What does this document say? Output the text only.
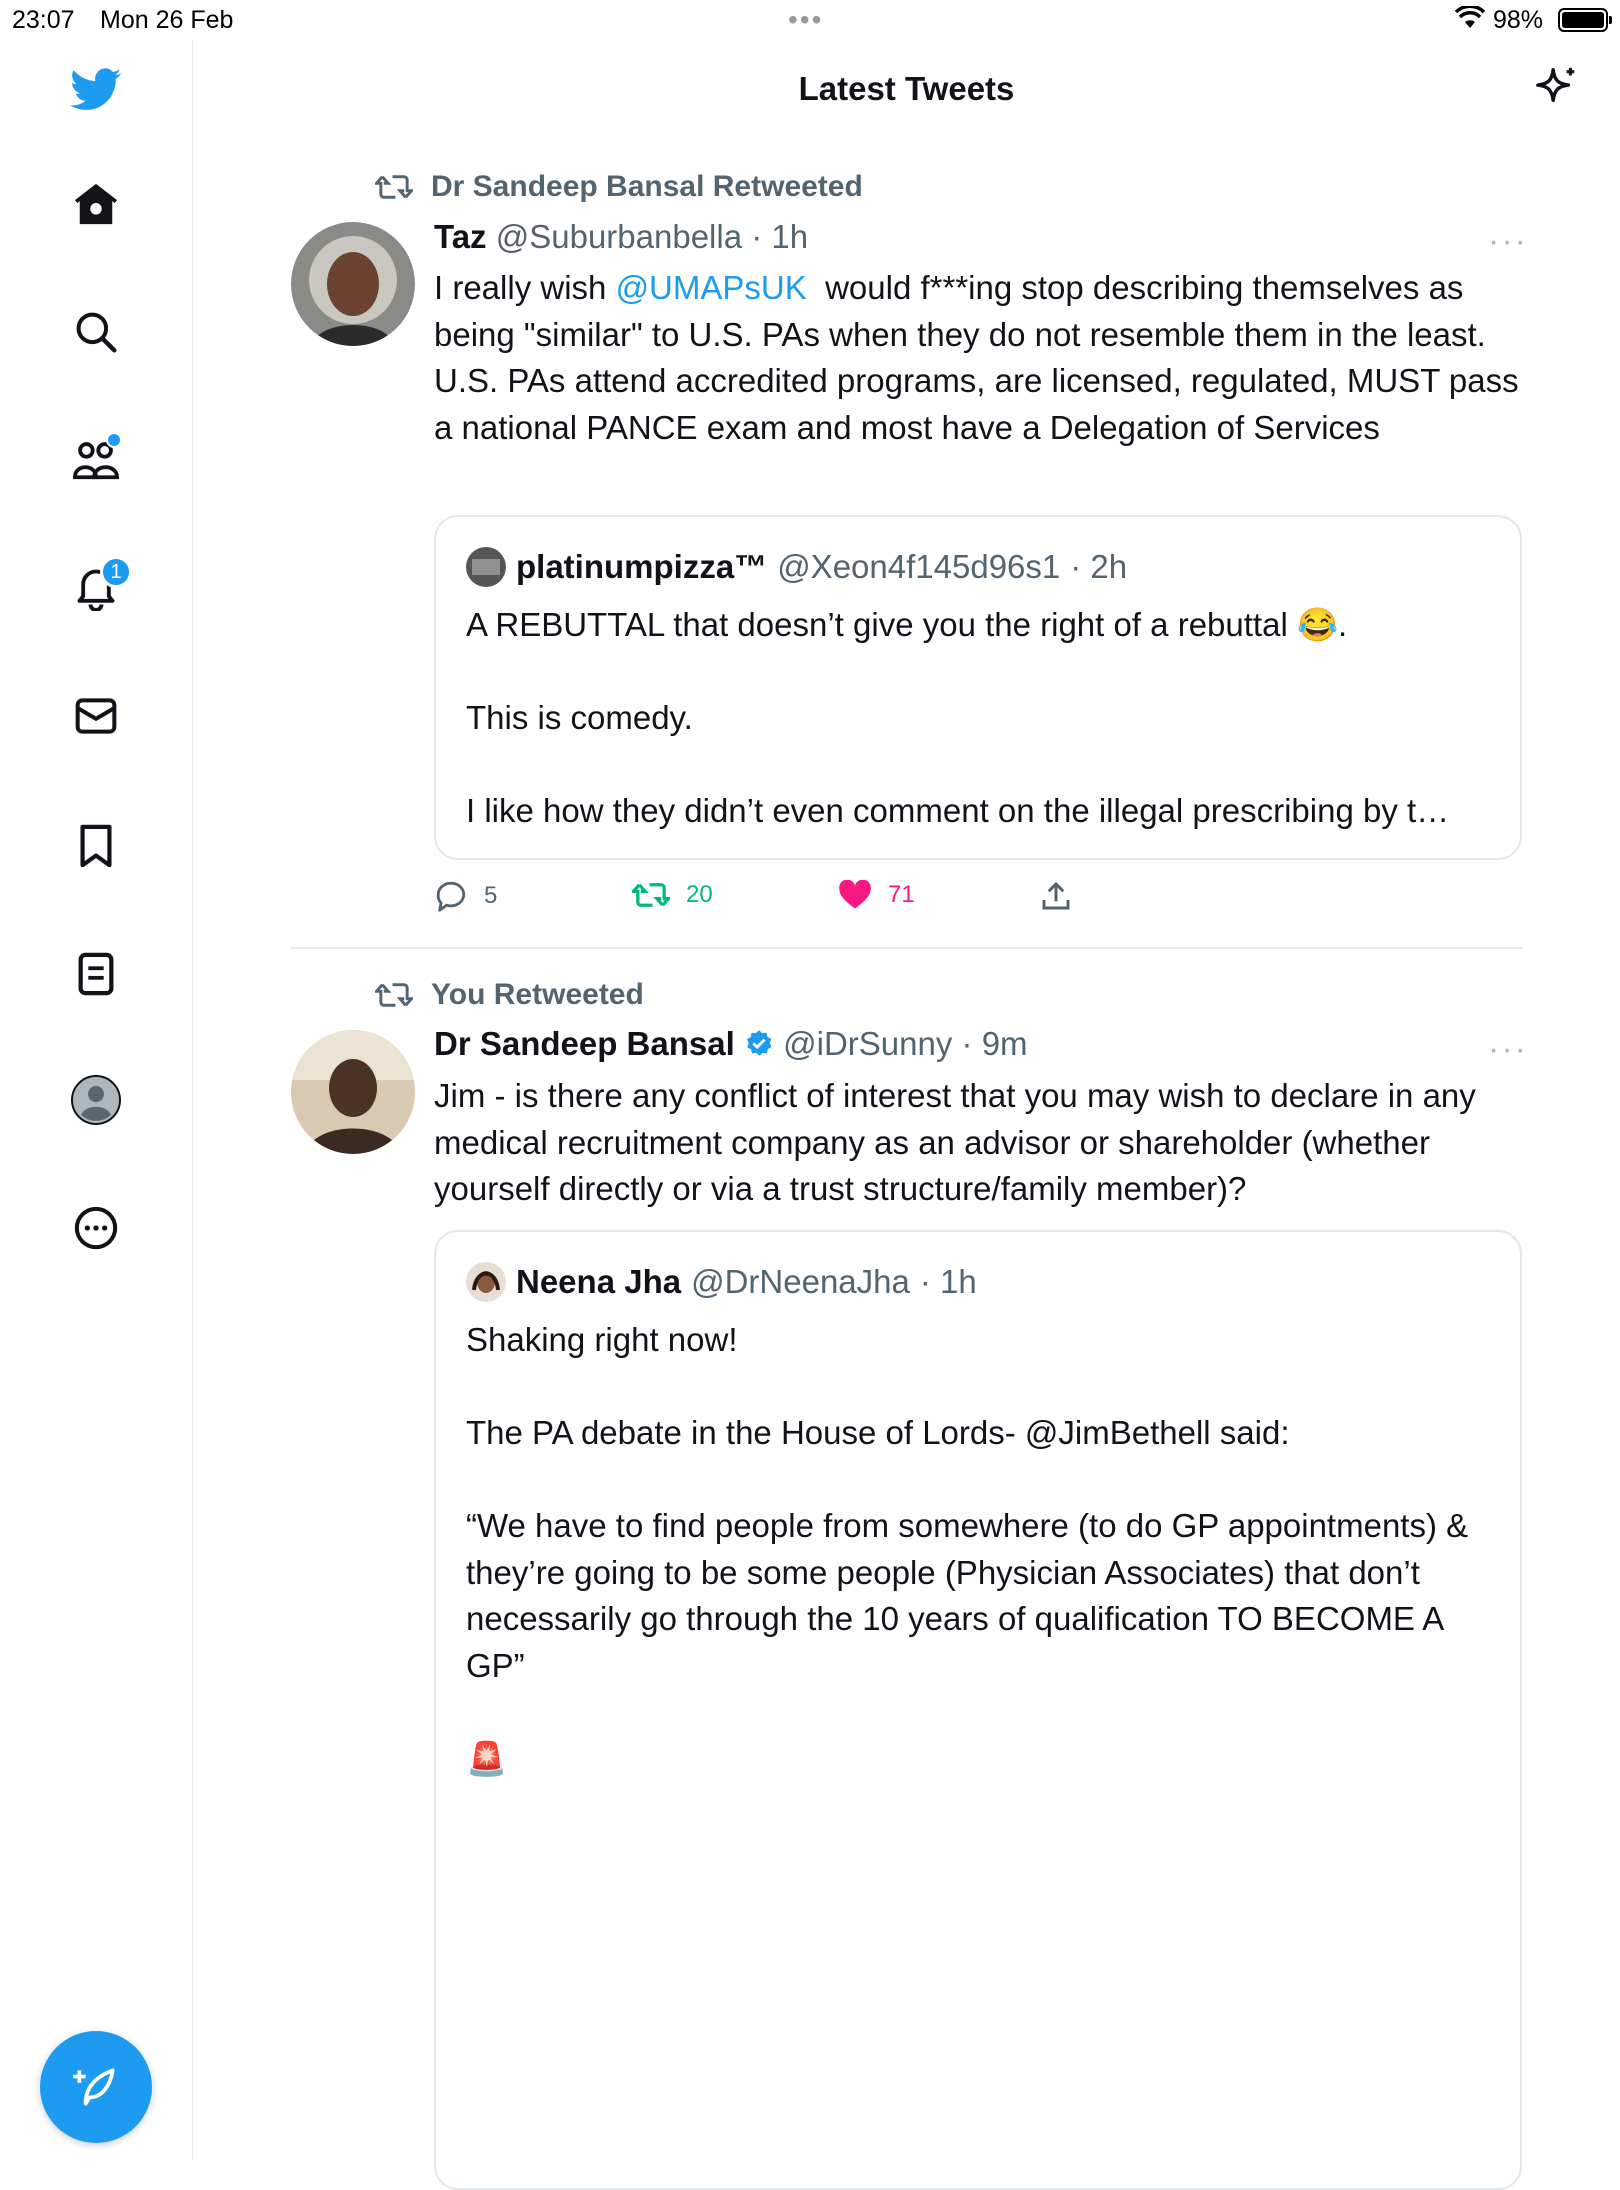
23:07 Mon 26 Feb	•••	98%
1
Latest Tweets
Dr Sandeep Bansal Retweeted
Taz @Suburbanbella · 1h	···
I really wish @UMAPsUK  would f***ing stop describing themselves as being "similar" to U.S. PAs when they do not resemble them in the least. U.S. PAs attend accredited programs, are licensed, regulated, MUST pass a national PANCE exam and most have a Delegation of Services
platinumpizza™ @Xeon4f145d96s1 · 2h
A REBUTTAL that doesn’t give you the right of a rebuttal 😂.

This is comedy.

I like how they didn’t even comment on the illegal prescribing by t…
5	20	71
You Retweeted
Dr Sandeep Bansal @iDrSunny · 9m	···
Jim - is there any conflict of interest that you may wish to declare in any medical recruitment company as an advisor or shareholder (whether yourself directly or via a trust structure/family member)?
Neena Jha @DrNeenaJha · 1h
Shaking right now!

The PA debate in the House of Lords- @JimBethell said:

“We have to find people from somewhere (to do GP appointments) & they’re going to be some people (Physician Associates) that don’t necessarily go through the 10 years of qualification TO BECOME A GP”

🚨
